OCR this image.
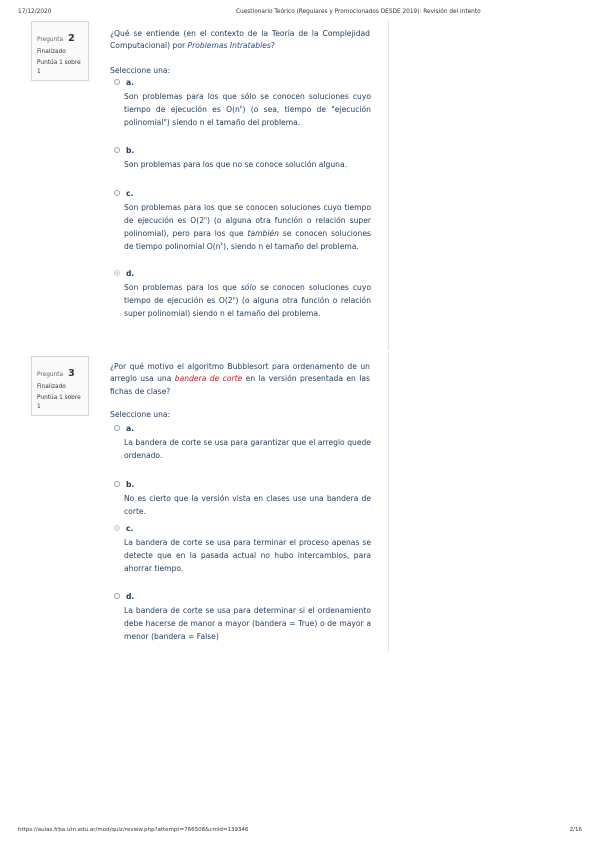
17/12/2020	Cuestionario Teórico (Regulares y Promocionados DESDE 2019): Revisión del intento
Pregunta 2
Finalizado
Puntúa 1 sobre 1
¿Qué se entiende (en el contexto de la Teoría de la Complejidad Computacional) por Problemas Intratables?
Seleccione una:
a.
Son problemas para los que sólo se conocen soluciones cuyo tiempo de ejecución es $O(n^k)$ (o sea, tiempo de "ejecución polinomial") siendo n el tamaño del problema.
b.
Son problemas para los que no se conoce solución alguna.
c.
Son problemas para los que se conocen soluciones cuyo tiempo de ejecución es O(2$^n$) (o alguna otra función o relación super polinomial), pero para los que también se conocen soluciones de tiempo polinomial $O(n^k)$, siendo n el tamaño del problema.
d.
Son problemas para los que sólo se conocen soluciones cuyo tiempo de ejecución es O(2$^n$) (o alguna otra función o relación super polinomial) siendo n el tamaño del problema.
Pregunta 3
Finalizado
Puntúa 1 sobre 1
¿Por qué motivo el algoritmo Bubblesort para ordenamento de un arreglo usa una bandera de corte en la versión presentada en las fichas de clase?
Seleccione una:
a.
La bandera de corte se usa para garantizar que el arreglo quede ordenado.
b.
No es cierto que la versión vista en clases use una bandera de corte.
c.
La bandera de corte se usa para terminar el proceso apenas se detecte que en la pasada actual no hubo intercambios, para ahorrar tiempo.
d.
La bandera de corte se usa para determinar si el ordenamiento debe hacerse de manor a mayor (bandera = True) o de mayor a menor (bandera = False)
https://aulas.frba.utn.edu.ar/mod/quiz/review.php?attempt=766508&cmid=139346	2/16
